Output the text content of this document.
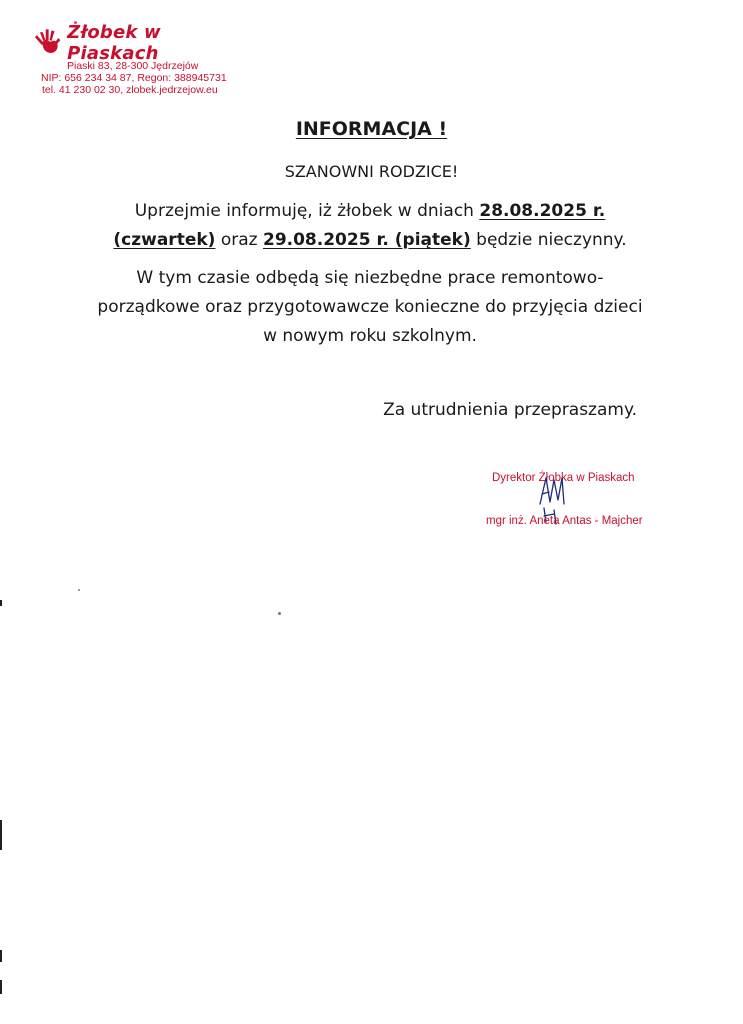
Żłobek w Piaskach
Piaski 83, 28-300 Jędrzejów
NIP: 656 234 34 87, Regon: 388945731
tel. 41 230 02 30, zlobek.jedrzejow.eu
INFORMACJA !
SZANOWNI RODZICE!
Uprzejmie informuję, iż żłobek w dniach 28.08.2025 r. (czwartek) oraz 29.08.2025 r. (piątek) będzie nieczynny.
W tym czasie odbędą się niezbędne prace remontowo-porządkowe oraz przygotowawcze konieczne do przyjęcia dzieci w nowym roku szkolnym.
Za utrudnienia przepraszamy.
Dyrektor Żłobka w Piaskach
mgr inż. Aneta Antas - Majcher
